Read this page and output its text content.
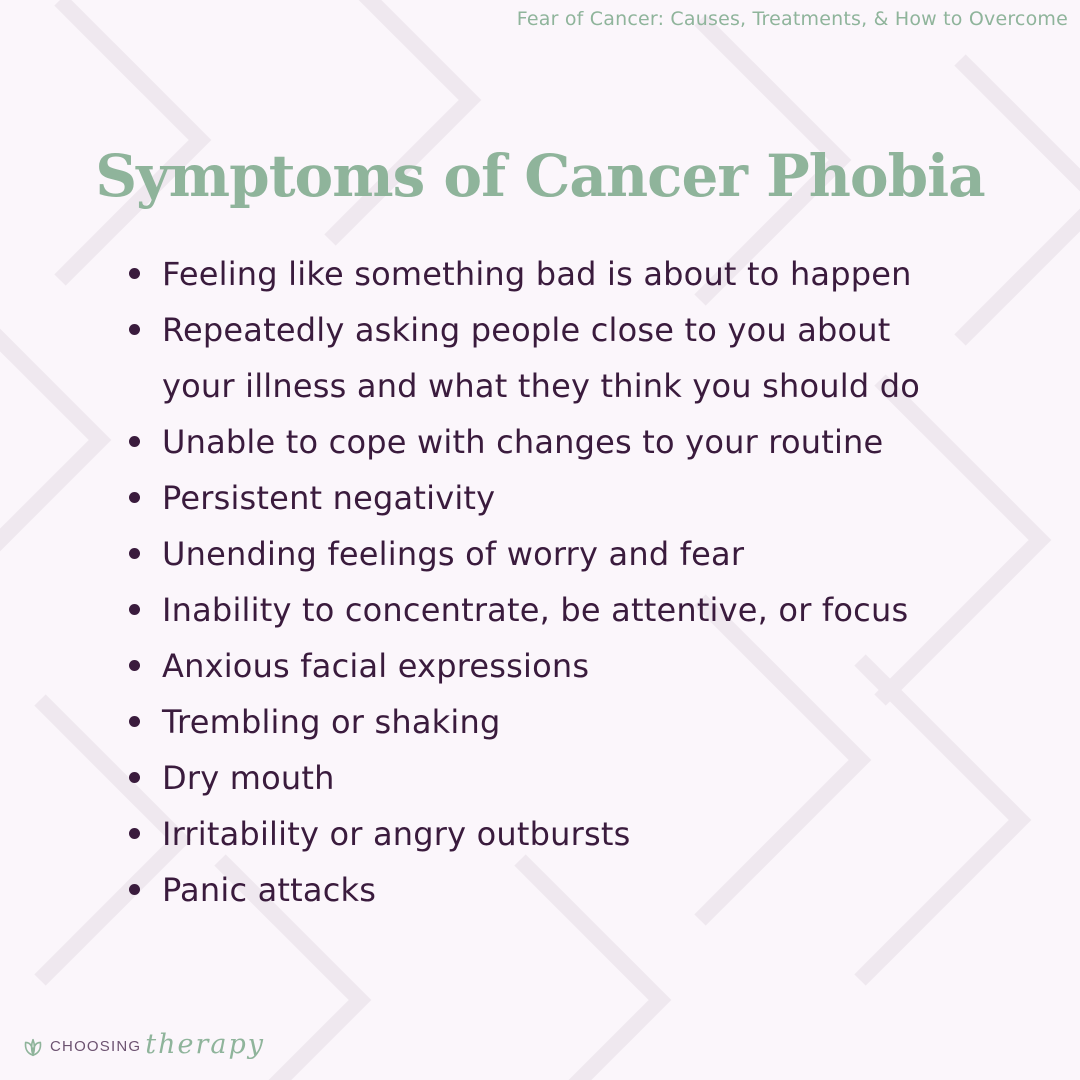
Fear of Cancer: Causes, Treatments, & How to Overcome
Symptoms of Cancer Phobia
Feeling like something bad is about to happen
Repeatedly asking people close to you about your illness and what they think you should do
Unable to cope with changes to your routine
Persistent negativity
Unending feelings of worry and fear
Inability to concentrate, be attentive, or focus
Anxious facial expressions
Trembling or shaking
Dry mouth
Irritability or angry outbursts
Panic attacks
CHOOSING therapy
